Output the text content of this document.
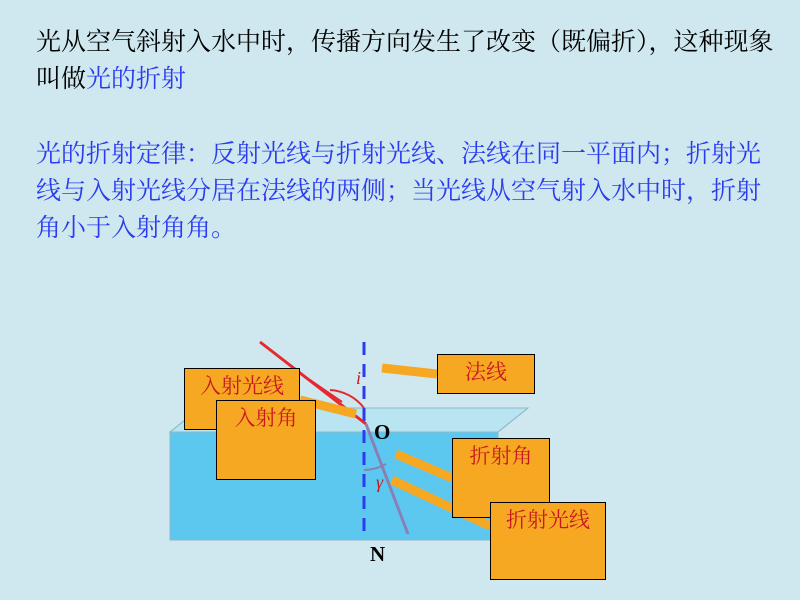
光从空气斜射入水中时，传播方向发生了改变（既偏折），这种现象叫做光的折射
光的折射定律：反射光线与折射光线、法线在同一平面内；折射光线与入射光线分居在法线的两侧；当光线从空气射入水中时，折射角小于入射角角。
法线
入射光线
入射角
折射角
折射光线
O
N
i
γ
